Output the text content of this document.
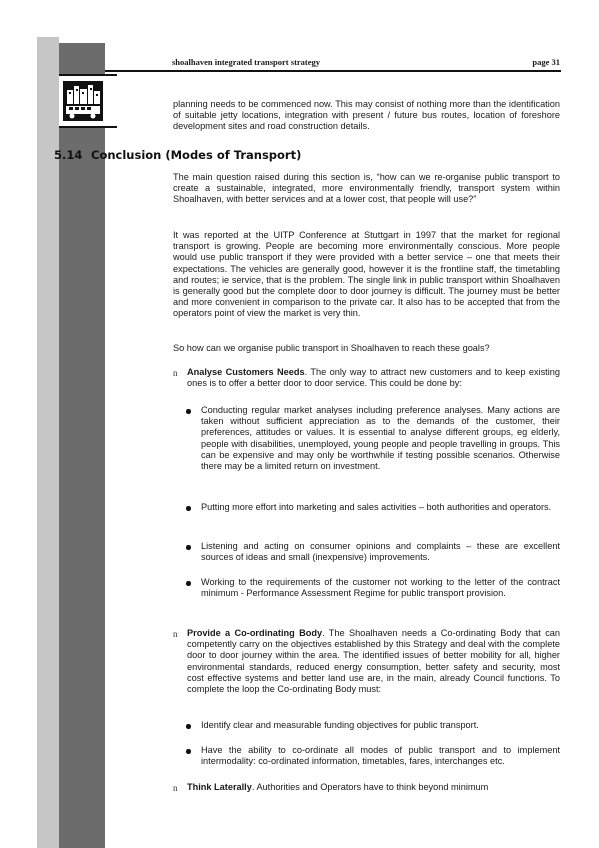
shoalhaven integrated transport strategy	page 31
planning needs to be commenced now. This may consist of nothing more than the identification of suitable jetty locations, integration with present / future bus routes, location of foreshore development sites and road construction details.
5.14 Conclusion (Modes of Transport)
The main question raised during this section is, “how can we re-organise public transport to create a sustainable, integrated, more environmentally friendly, transport system within Shoalhaven, with better services and at a lower cost, that people will use?”
It was reported at the UITP Conference at Stuttgart in 1997 that the market for regional transport is growing. People are becoming more environmentally conscious. More people would use public transport if they were provided with a better service – one that meets their expectations. The vehicles are generally good, however it is the frontline staff, the timetabling and routes; ie service, that is the problem. The single link in public transport within Shoalhaven is generally good but the complete door to door journey is difficult. The journey must be better and more convenient in comparison to the private car. It also has to be accepted that from the operators point of view the market is very thin.
So how can we organise public transport in Shoalhaven to reach these goals?
n Analyse Customers Needs. The only way to attract new customers and to keep existing ones is to offer a better door to door service. This could be done by:
Conducting regular market analyses including preference analyses. Many actions are taken without sufficient appreciation as to the demands of the customer, their preferences, attitudes or values. It is essential to analyse different groups, eg elderly, people with disabilities, unemployed, young people and people travelling in groups. This can be expensive and may only be worthwhile if testing possible scenarios. Otherwise there may be a limited return on investment.
Putting more effort into marketing and sales activities – both authorities and operators.
Listening and acting on consumer opinions and complaints – these are excellent sources of ideas and small (inexpensive) improvements.
Working to the requirements of the customer not working to the letter of the contract minimum - Performance Assessment Regime for public transport provision.
n Provide a Co-ordinating Body. The Shoalhaven needs a Co-ordinating Body that can competently carry on the objectives established by this Strategy and deal with the complete door to door journey within the area. The identified issues of better mobility for all, higher environmental standards, reduced energy consumption, better safety and security, most cost effective systems and better land use are, in the main, already Council functions. To complete the loop the Co-ordinating Body must:
Identify clear and measurable funding objectives for public transport.
Have the ability to co-ordinate all modes of public transport and to implement intermodality: co-ordinated information, timetables, fares, interchanges etc.
n Think Laterally. Authorities and Operators have to think beyond minimum
